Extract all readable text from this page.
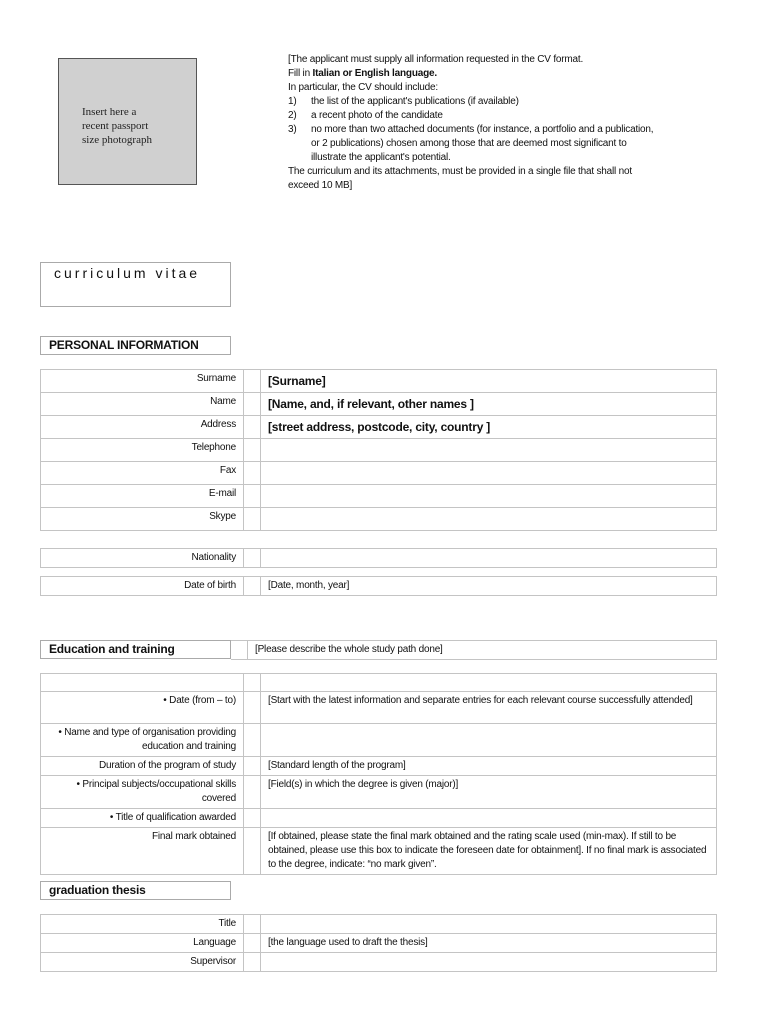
Insert here a
recent passport
size photograph
[The applicant must supply all information requested in the CV format.
Fill in Italian or English language.
In particular, the CV should include:
1) the list of the applicant's publications (if available)
2) a recent photo of the candidate
3) no more than two attached documents (for instance, a portfolio and a publication, or 2 publications) chosen among those that are deemed most significant to illustrate the applicant's potential.
The curriculum and its attachments, must be provided in a single file that shall not exceed 10 MB]
curriculum vitae
PERSONAL INFORMATION
Surname		[Surname]
Name		[Name, and, if relevant, other names ]
Address		[street address, postcode, city, country ]
Telephone		
Fax		
E-mail		
Skype		
Nationality		
Date of birth		[Date, month, year]
Education and training
		[Please describe the whole study path done]

• Date (from – to)		[Start with the latest information and separate entries for each relevant course successfully attended]
• Name and type of organisation providing education and training		
Duration of the program of study		[Standard length of the program]
• Principal subjects/occupational skills covered		[Field(s) in which the degree is given (major)]
• Title of qualification awarded		
Final mark obtained		[If obtained, please state the final mark obtained and the rating scale used (min-max). If still to be obtained, please use this box to indicate the foreseen date for obtainment]. If no final mark is associated to the degree, indicate: “no mark given”.
graduation thesis
Title		
Language		[the language used to draft the thesis]
Supervisor		
